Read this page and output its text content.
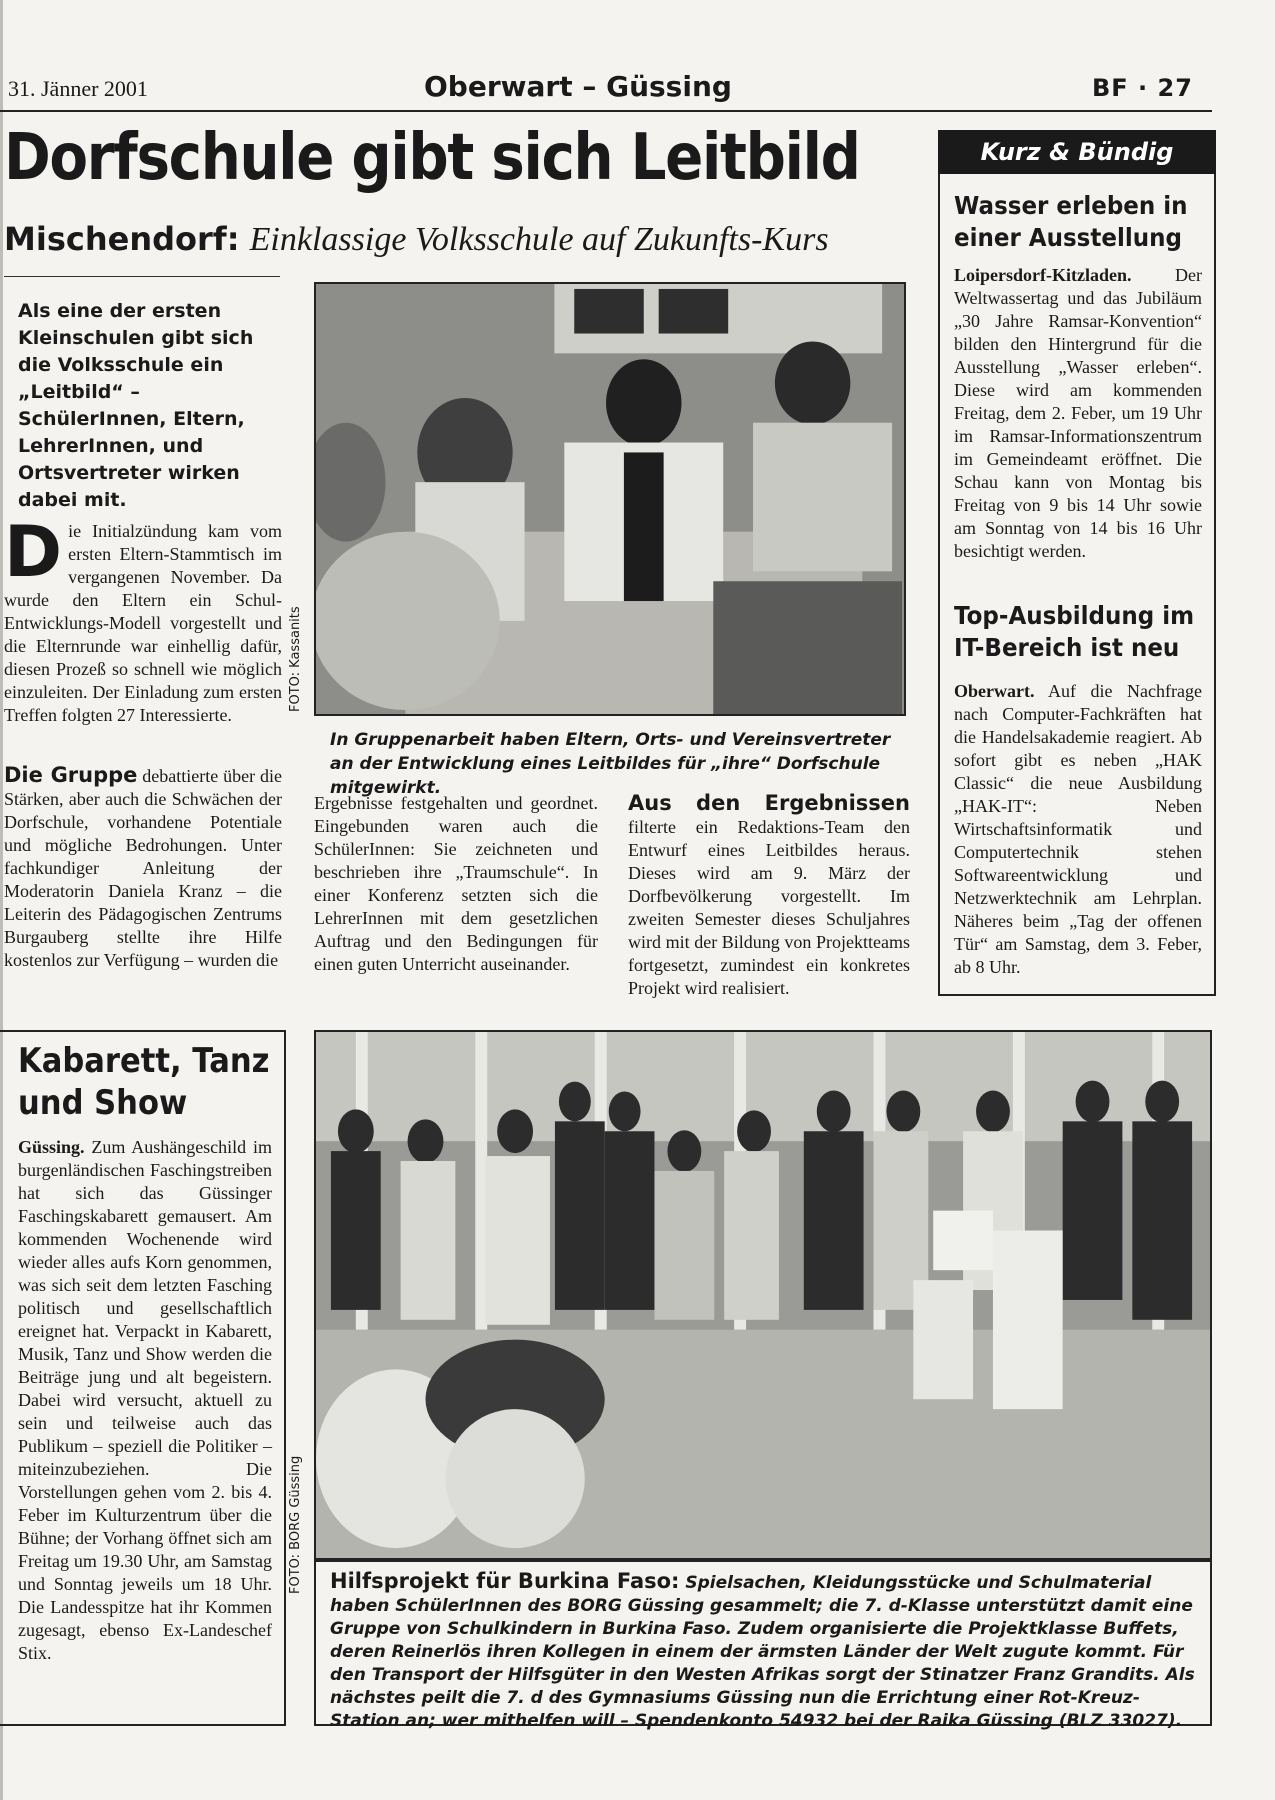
31. Jänner 2001	Oberwart – Güssing	BF · 27
Dorfschule gibt sich Leitbild
Mischendorf: Einklassige Volksschule auf Zukunfts-Kurs
Als eine der ersten Kleinschulen gibt sich die Volksschule ein „Leitbild“ – SchülerInnen, Eltern, LehrerInnen, und Ortsvertreter wirken dabei mit.
Die Initialzündung kam vom ersten Eltern-Stammtisch im vergangenen November. Da wurde den Eltern ein Schul-Entwicklungs-Modell vorgestellt und die Elternrunde war einhellig dafür, diesen Prozeß so schnell wie möglich einzuleiten. Der Einladung zum ersten Treffen folgten 27 Interessierte.
Die Gruppe debattierte über die Stärken, aber auch die Schwächen der Dorfschule, vorhandene Potentiale und mögliche Bedrohungen. Unter fachkundiger Anleitung der Moderatorin Daniela Kranz – die Leiterin des Pädagogischen Zentrums Burgauberg stellte ihre Hilfe kostenlos zur Verfügung – wurden die
FOTO: Kassanits
In Gruppenarbeit haben Eltern, Orts- und Vereinsvertreter an der Entwicklung eines Leitbildes für „ihre“ Dorfschule mitgewirkt.
Ergebnisse festgehalten und geordnet. Eingebunden waren auch die SchülerInnen: Sie zeichneten und beschrieben ihre „Traumschule“. In einer Konferenz setzten sich die LehrerInnen mit dem gesetzlichen Auftrag und den Bedingungen für einen guten Unterricht auseinander.
Aus den Ergebnissen filterte ein Redaktions-Team den Entwurf eines Leitbildes heraus. Dieses wird am 9. März der Dorfbevölkerung vorgestellt. Im zweiten Semester dieses Schuljahres wird mit der Bildung von Projektteams fortgesetzt, zumindest ein konkretes Projekt wird realisiert.
Kurz & Bündig
Wasser erleben in
einer Ausstellung
Loipersdorf-Kitzladen. Der Weltwassertag und das Jubiläum „30 Jahre Ramsar-Konvention“ bilden den Hintergrund für die Ausstellung „Wasser erleben“. Diese wird am kommenden Freitag, dem 2. Feber, um 19 Uhr im Ramsar-Informationszentrum im Gemeindeamt eröffnet. Die Schau kann von Montag bis Freitag von 9 bis 14 Uhr sowie am Sonntag von 14 bis 16 Uhr besichtigt werden.
Top-Ausbildung im
IT-Bereich ist neu
Oberwart. Auf die Nachfrage nach Computer-Fachkräften hat die Handelsakademie reagiert. Ab sofort gibt es neben „HAK Classic“ die neue Ausbildung „HAK-IT“: Neben Wirtschaftsinformatik und Computertechnik stehen Softwareentwicklung und Netzwerktechnik am Lehrplan. Näheres beim „Tag der offenen Tür“ am Samstag, dem 3. Feber, ab 8 Uhr.
Kabarett, Tanz
und Show
Güssing. Zum Aushängeschild im burgenländischen Faschingstreiben hat sich das Güssinger Faschingskabarett gemausert. Am kommenden Wochenende wird wieder alles aufs Korn genommen, was sich seit dem letzten Fasching politisch und gesellschaftlich ereignet hat. Verpackt in Kabarett, Musik, Tanz und Show werden die Beiträge jung und alt begeistern. Dabei wird versucht, aktuell zu sein und teilweise auch das Publikum – speziell die Politiker – miteinzubeziehen. Die Vorstellungen gehen vom 2. bis 4. Feber im Kulturzentrum über die Bühne; der Vorhang öffnet sich am Freitag um 19.30 Uhr, am Samstag und Sonntag jeweils um 18 Uhr. Die Landesspitze hat ihr Kommen zugesagt, ebenso Ex-Landeschef Stix.
FOTO: BORG Güssing Hilfsprojekt für Burkina Faso: Spielsachen, Kleidungsstücke und Schulmaterial haben SchülerInnen des BORG Güssing gesammelt; die 7. d-Klasse unterstützt damit eine Gruppe von Schulkindern in Burkina Faso. Zudem organisierte die Projektklasse Buffets, deren Reinerlös ihren Kollegen in einem der ärmsten Länder der Welt zugute kommt. Für den Transport der Hilfsgüter in den Westen Afrikas sorgt der Stinatzer Franz Grandits. Als nächstes peilt die 7. d des Gymnasiums Güssing nun die Errichtung einer Rot-Kreuz-Station an; wer mithelfen will – Spendenkonto 54932 bei der Raika Güssing (BLZ 33027).
